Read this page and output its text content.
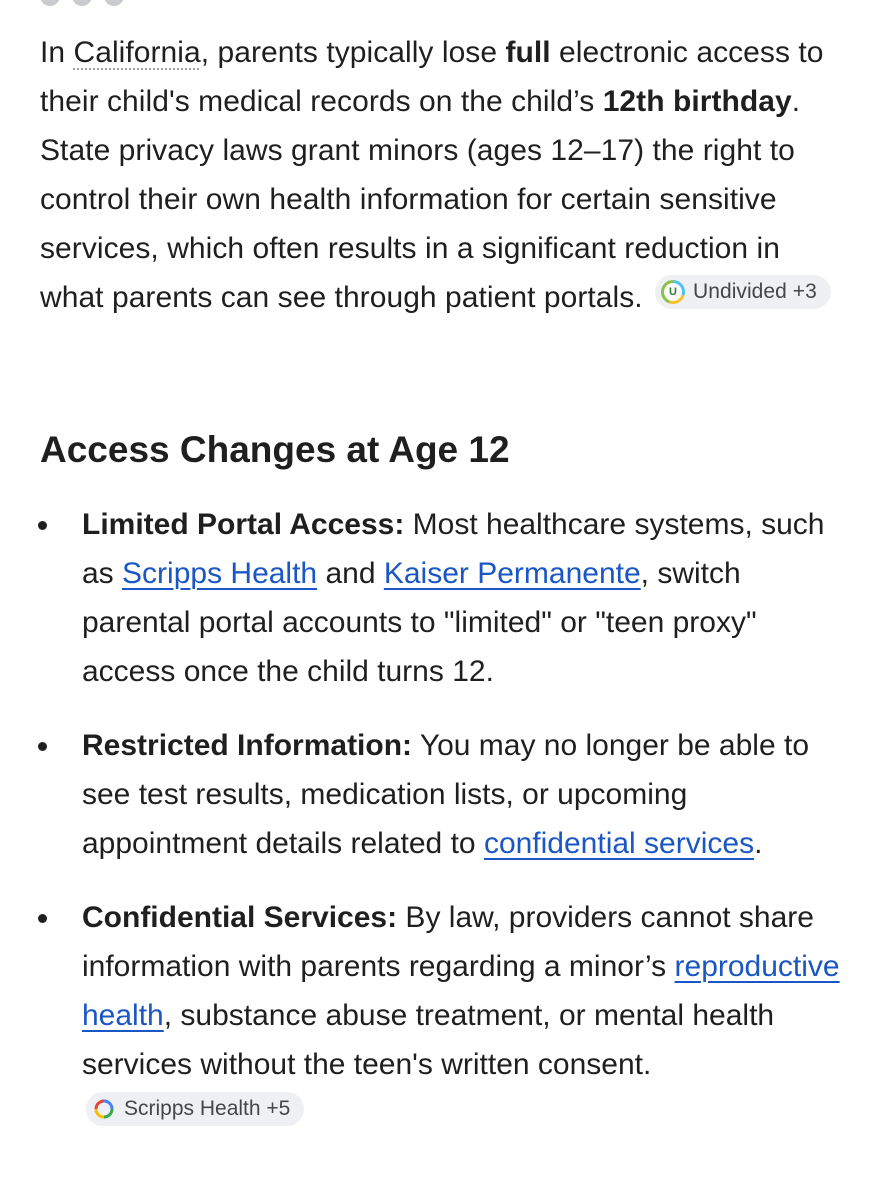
In California, parents typically lose full electronic access to their child's medical records on the child’s 12th birthday. State privacy laws grant minors (ages 12–17) the right to control their own health information for certain sensitive services, which often results in a significant reduction in what parents can see through patient portals.
U Undivided +3

Access Changes at Age 12
Limited Portal Access: Most healthcare systems, such as Scripps Health and Kaiser Permanente, switch parental portal accounts to "limited" or "teen proxy" access once the child turns 12.
Restricted Information: You may no longer be able to see test results, medication lists, or upcoming appointment details related to confidential services.
Confidential Services: By law, providers cannot share information with parents regarding a minor’s reproductive health, substance abuse treatment, or mental health services without the teen's written consent.
Scripps Health +5
